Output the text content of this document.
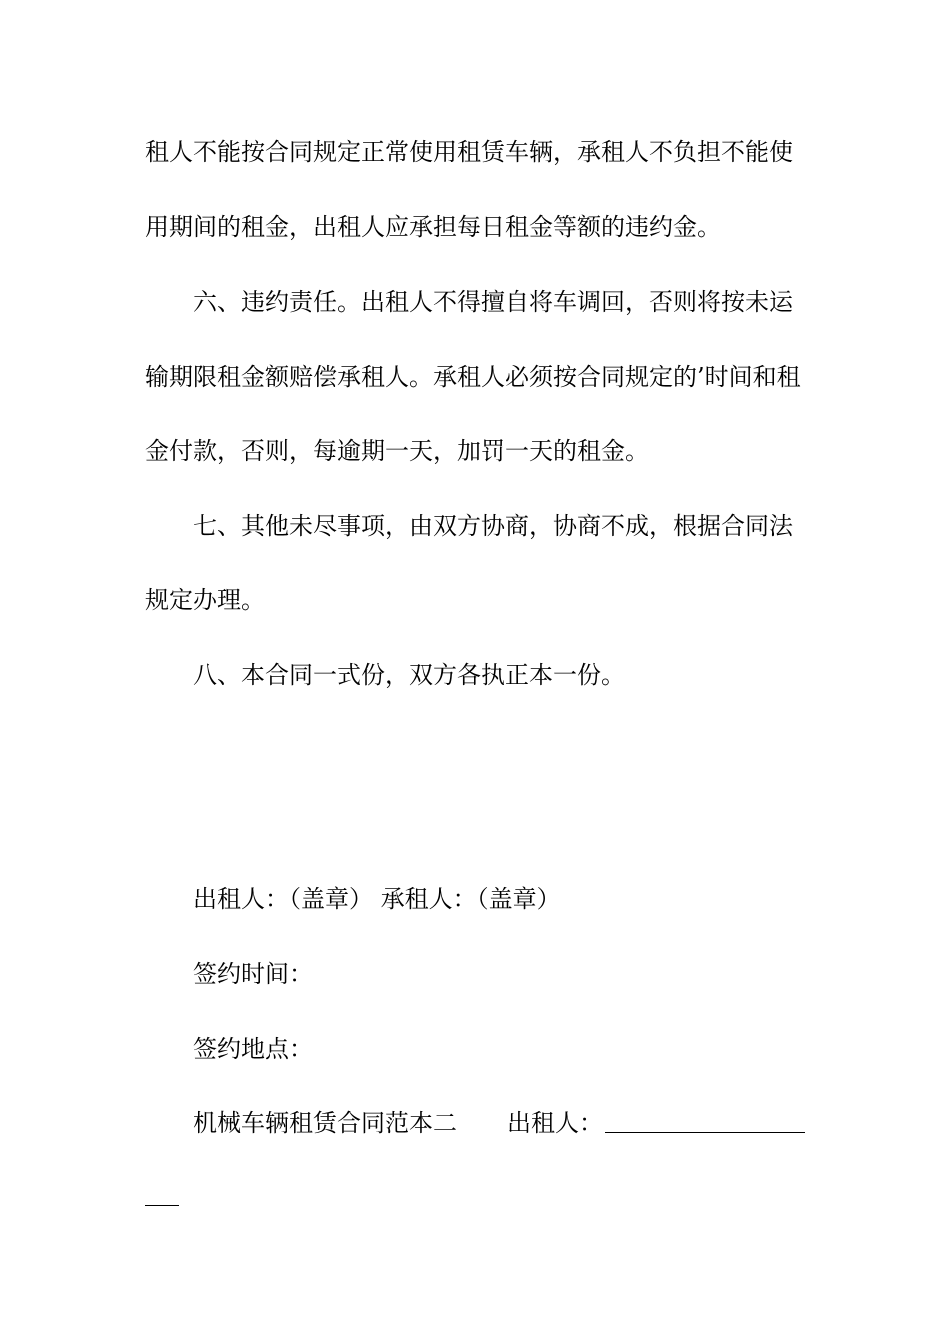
租人不能按合同规定正常使用租赁车辆，承租人不负担不能使
用期间的租金，出租人应承担每日租金等额的违约金。
六、违约责任。出租人不得擅自将车调回，否则将按未运
输期限租金额赔偿承租人。承租人必须按合同规定的’时间和租
金付款，否则，每逾期一天，加罚一天的租金。
七、其他未尽事项，由双方协商，协商不成，根据合同法
规定办理。
八、本合同一式份，双方各执正本一份。
出租人：（盖章） 承租人：（盖章）
签约时间：
签约地点：
机械车辆租赁合同范本二 出租人：
